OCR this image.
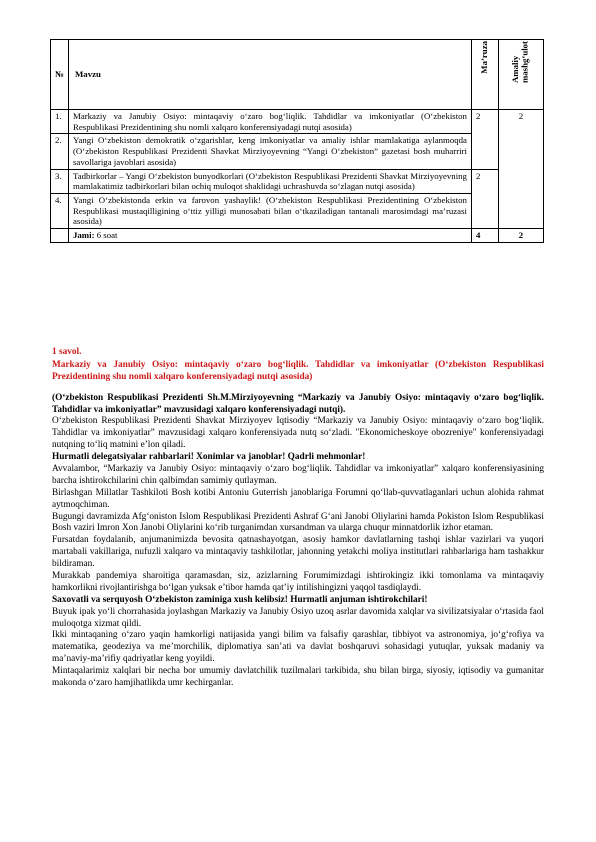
№	Mavzu	Ma’ruza	Amaliy
mashg‘ulot

1.	Markaziy va Janubiy Osiyo: mintaqaviy o‘zaro bog‘liqlik. Tahdidlar va imkoniyatlar (O‘zbekiston Respublikasi Prezidentining shu nomli xalqaro konferensiyadagi nutqi asosida)	2	2
2.	Yangi O‘zbekiston demokratik o‘zgarishlar, keng imkoniyatlar va amaliy ishlar mamlakatiga aylanmoqda (O‘zbekiston Respublikasi Prezidenti Shavkat Mirziyoyevning “Yangi O‘zbekiston” gazetasi bosh muharriri savollariga javoblari asosida)		
3.	Tadbirkorlar – Yangi O‘zbekiston bunyodkorlari (O‘zbekiston Respublikasi Prezidenti Shavkat Mirziyoyevning mamlakatimiz tadbirkorlari bilan ochiq muloqot shaklidagi uchrashuvda so‘zlagan nutqi asosida)	2	
4.	Yangi O‘zbekistonda erkin va farovon yashaylik! (O‘zbekiston Respublikasi Prezidentining O‘zbekiston Respublikasi mustaqilligining o‘ttiz yilligi munosabati bilan o‘tkaziladigan tantanali marosimdagi ma’ruzasi asosida)		
	Jami: 6 soat	4	2

1 savol.

Markaziy va Janubiy Osiyo: mintaqaviy o‘zaro bog‘liqlik. Tahdidlar va imkoniyatlar (O‘zbekiston Respublikasi Prezidentining shu nomli xalqaro konferensiyadagi nutqi asosida)

(O‘zbekiston Respublikasi Prezidenti Sh.M.Mirziyoyevning “Markaziy va Janubiy Osiyo: mintaqaviy o‘zaro bog‘liqlik. Tahdidlar va imkoniyatlar” mavzusidagi xalqaro konferensiyadagi nutqi).

O‘zbekiston Respublikasi Prezidenti Shavkat Mirziyoyev Iqtisodiy “Markaziy va Janubiy Osiyo: mintaqaviy o‘zaro bog‘liqlik. Tahdidlar va imkoniyatlar” mavzusidagi xalqaro konferensiyada nutq so‘zladi. "Ekonomicheskoye obozreniye" konferensiyadagi nutqning to‘liq matnini e’lon qiladi.

Hurmatli delegatsiyalar rahbarlari! Xonimlar va janoblar! Qadrli mehmonlar!

Avvalambor, “Markaziy va Janubiy Osiyo: mintaqaviy o‘zaro bog‘liqlik. Tahdidlar va imkoniyatlar” xalqaro konferensiyasining barcha ishtirokchilarini chin qalbimdan samimiy qutlayman.

Birlashgan Millatlar Tashkiloti Bosh kotibi Antoniu Guterrish janoblariga Forumni qo‘llab-quvvatlaganlari uchun alohida rahmat aytmoqchiman.

Bugungi davramizda Afg‘oniston Islom Respublikasi Prezidenti Ashraf G‘ani Janobi Oliylarini hamda Pokiston Islom Respublikasi Bosh vaziri Imron Xon Janobi Oliylarini ko‘rib turganimdan xursandman va ularga chuqur minnatdorlik izhor etaman.

Fursatdan foydalanib, anjumanimizda bevosita qatnashayotgan, asosiy hamkor davlatlarning tashqi ishlar vazirlari va yuqori martabali vakillariga, nufuzli xalqaro va mintaqaviy tashkilotlar, jahonning yetakchi moliya institutlari rahbarlariga ham tashakkur bildiraman.

Murakkab pandemiya sharoitiga qaramasdan, siz, azizlarning Forumimizdagi ishtirokingiz ikki tomonlama va mintaqaviy hamkorlikni rivojlantirishga bo‘lgan yuksak e’tibor hamda qat’iy intilishingizni yaqqol tasdiqlaydi.

Saxovatli va serquyosh O‘zbekiston zaminiga xush kelibsiz! Hurmatli anjuman ishtirokchilari!

Buyuk ipak yo‘li chorrahasida joylashgan Markaziy va Janubiy Osiyo uzoq asrlar davomida xalqlar va sivilizatsiyalar o‘rtasida faol muloqotga xizmat qildi.

Ikki mintaqaning o‘zaro yaqin hamkorligi natijasida yangi bilim va falsafiy qarashlar, tibbiyot va astronomiya, jo‘g‘rofiya va matematika, geodeziya va me’morchilik, diplomatiya san’ati va davlat boshqaruvi sohasidagi yutuqlar, yuksak madaniy va ma’naviy-ma’rifiy qadriyatlar keng yoyildi.

Mintaqalarimiz xalqlari bir necha bor umumiy davlatchilik tuzilmalari tarkibida, shu bilan birga, siyosiy, iqtisodiy va gumanitar makonda o‘zaro hamjihatlikda umr kechirganlar.
